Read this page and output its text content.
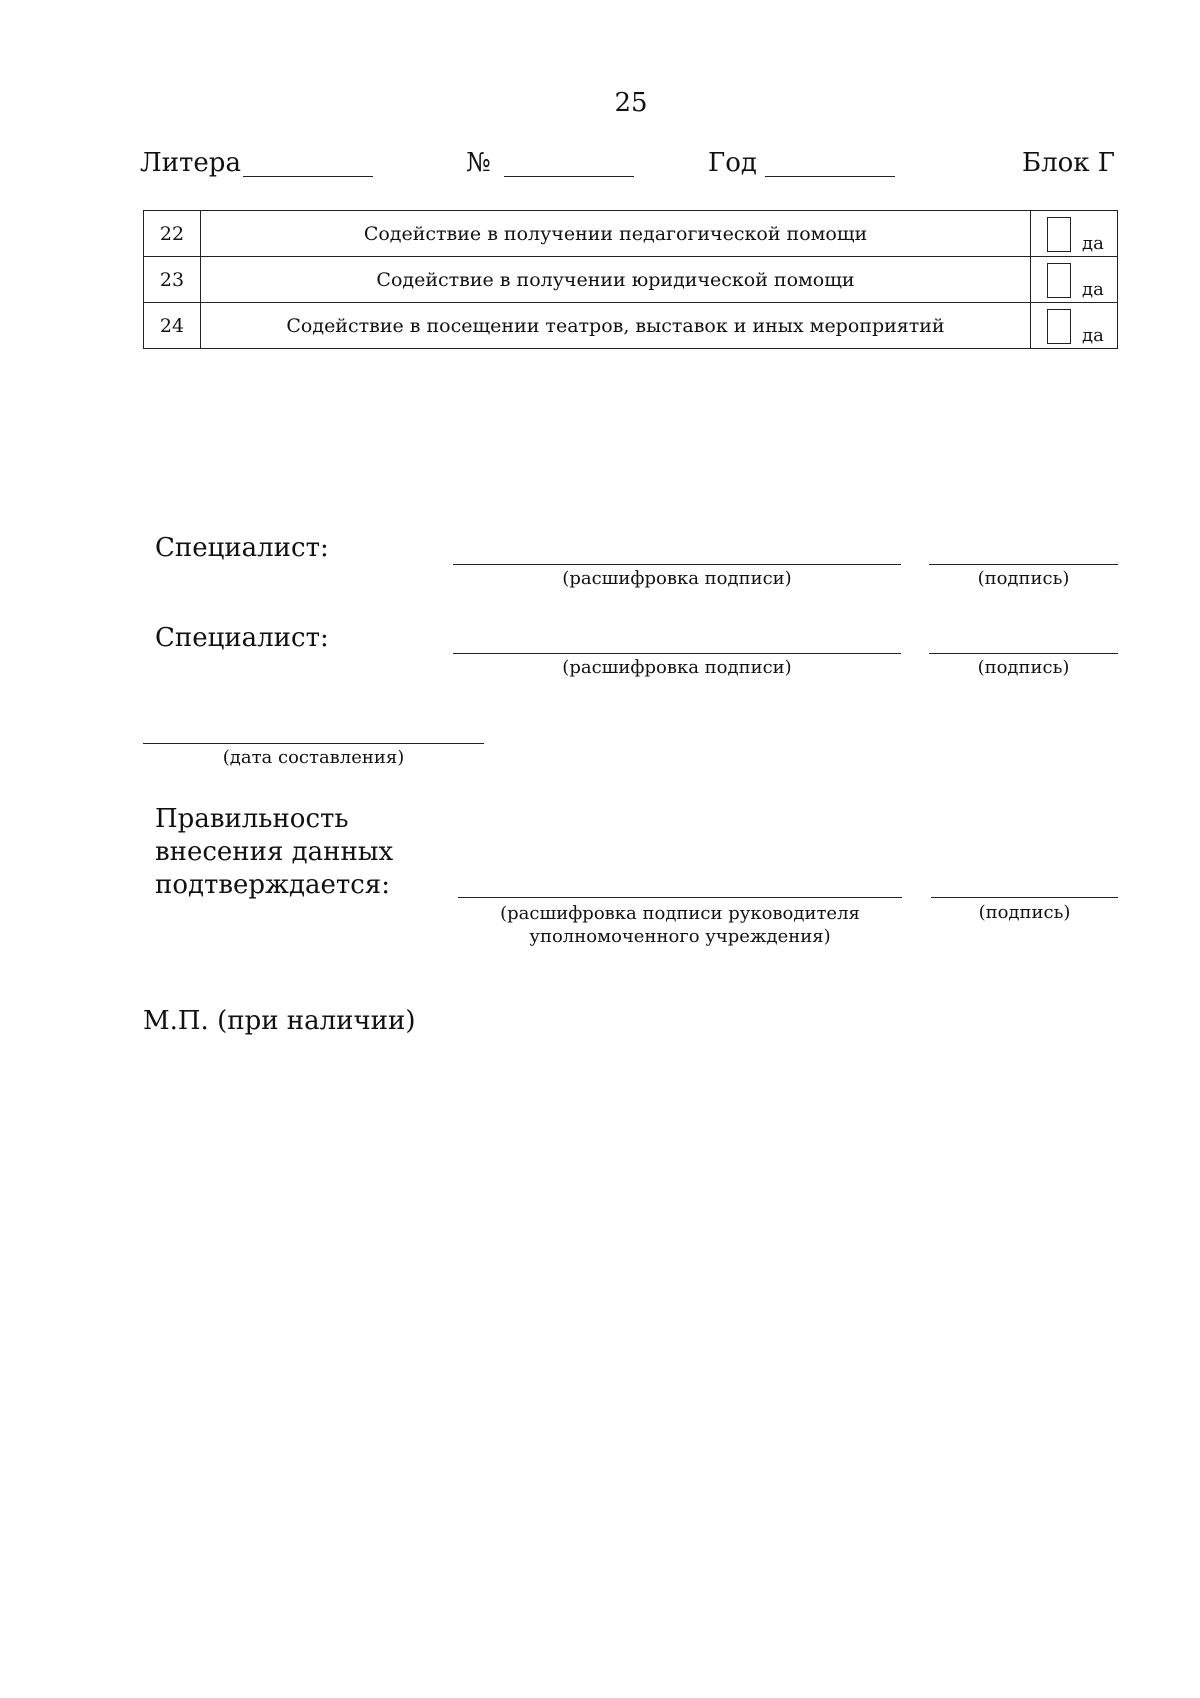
25
Литера	№	Год	Блок Г
22	Содействие в получении педагогической помощи	да

23	Содействие в получении юридической помощи	да

24	Содействие в посещении театров, выставок и иных мероприятий	да
Специалист:
(расшифровка подписи)	(подпись)
Специалист:
(расшифровка подписи)	(подпись)
(дата составления)
Правильность
внесения данных
подтверждается:
(расшифровка подписи руководителя
уполномоченного учреждения)
(подпись)
М.П. (при наличии)
